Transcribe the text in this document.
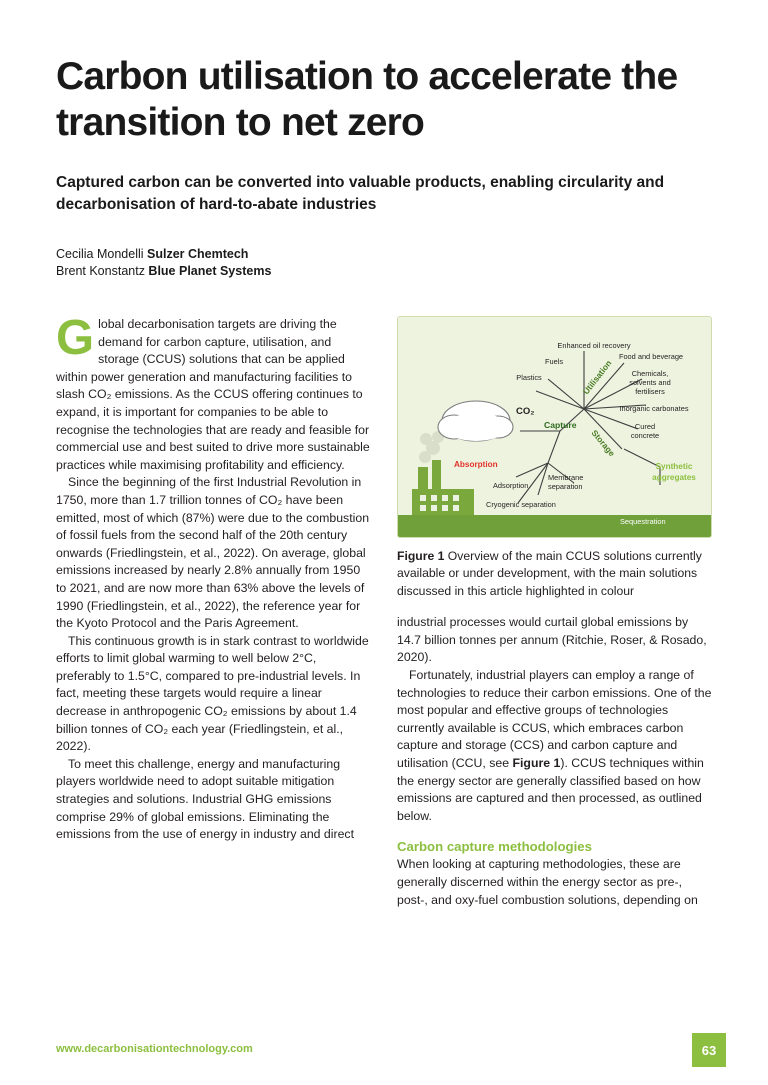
Carbon utilisation to accelerate the transition to net zero
Captured carbon can be converted into valuable products, enabling circularity and decarbonisation of hard-to-abate industries
Cecilia Mondelli Sulzer Chemtech
Brent Konstantz Blue Planet Systems

Global decarbonisation targets are driving the demand for carbon capture, utilisation, and storage (CCUS) solutions that can be applied within power generation and manufacturing facilities to slash CO₂ emissions. As the CCUS offering continues to expand, it is important for companies to be able to recognise the technologies that are ready and feasible for commercial use and best suited to drive more sustainable practices while maximising profitability and efficiency.

Since the beginning of the first Industrial Revolution in 1750, more than 1.7 trillion tonnes of CO₂ have been emitted, most of which (87%) were due to the combustion of fossil fuels from the second half of the 20th century onwards (Friedlingstein, et al., 2022). On average, global emissions increased by nearly 2.8% annually from 1950 to 2021, and are now more than 63% above the levels of 1990 (Friedlingstein, et al., 2022), the reference year for the Kyoto Protocol and the Paris Agreement.

This continuous growth is in stark contrast to worldwide efforts to limit global warming to well below 2°C, preferably to 1.5°C, compared to pre-industrial levels. In fact, meeting these targets would require a linear decrease in anthropogenic CO₂ emissions by about 1.4 billion tonnes of CO₂ each year (Friedlingstein, et al., 2022).

To meet this challenge, energy and manufacturing players worldwide need to adopt suitable mitigation strategies and solutions. Industrial GHG emissions comprise 29% of global emissions. Eliminating the emissions from the use of energy in industry and direct

Capture
CO₂
Utilisation
Storage
Enhanced oil recovery
Fuels
Plastics
Food and beverage
Chemicals,
solvents and
fertilisers
Inorganic carbonates
Cured
concrete
Absorption
Adsorption
Membrane
separation
Cryogenic separation
Synthetic
aggregates
Sequestration
Figure 1 Overview of the main CCUS solutions currently available or under development, with the main solutions discussed in this article highlighted in colour

industrial processes would curtail global emissions by 14.7 billion tonnes per annum (Ritchie, Roser, & Rosado, 2020).

Fortunately, industrial players can employ a range of technologies to reduce their carbon emissions. One of the most popular and effective groups of technologies currently available is CCUS, which embraces carbon capture and storage (CCS) and carbon capture and utilisation (CCU, see Figure 1). CCUS techniques within the energy sector are generally classified based on how emissions are captured and then processed, as outlined below.

Carbon capture methodologies

When looking at capturing methodologies, these are generally discerned within the energy sector as pre-, post-, and oxy-fuel combustion solutions, depending on

www.decarbonisationtechnology.com	63
